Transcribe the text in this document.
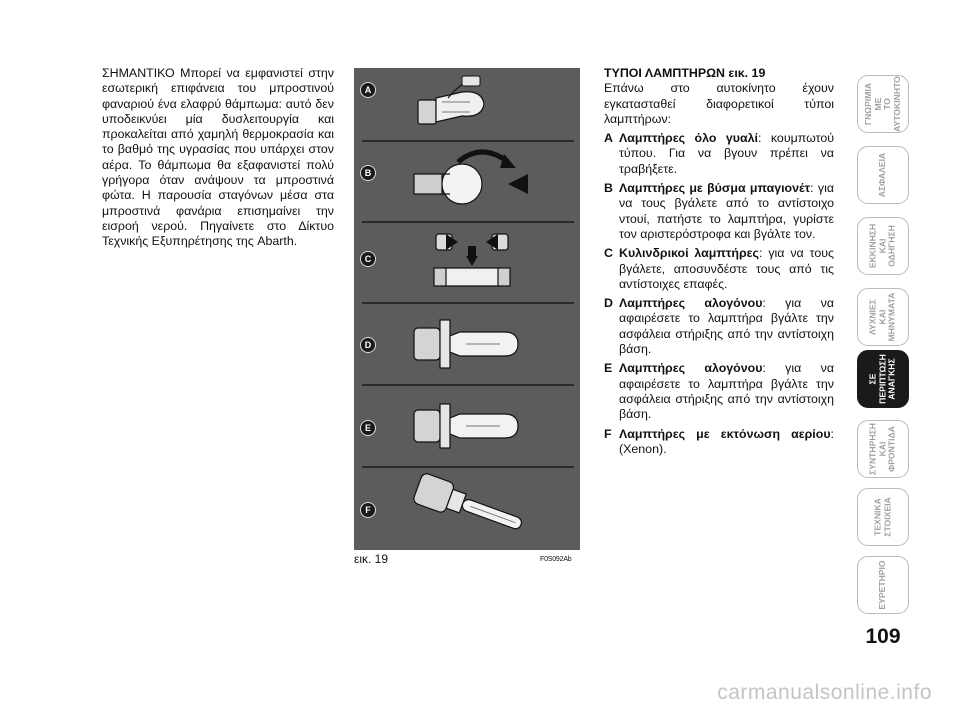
ΣΗΜΑΝΤΙΚΟ Μπορεί να εμφανιστεί στην εσωτερική επιφάνεια του μπροστινού φαναριού ένα ελαφρύ θάμπωμα: αυτό δεν υποδεικνύει μία δυσλειτουργία και προκαλείται από χαμηλή θερμοκρασία και το βαθμό της υγρασίας που υπάρχει στον αέρα. Το θάμπωμα θα εξαφανιστεί πολύ γρήγορα όταν ανάψουν τα μπροστινά φώτα. Η παρουσία σταγόνων μέσα στα μπροστινά φανάρια επισημαίνει την εισροή νερού. Πηγαίνετε στο Δίκτυο Τεχνικής Εξυπηρέτησης της Abarth.
A
B
C
D
E
F
εικ. 19	F0S092Ab
ΤΥΠΟΙ ΛΑΜΠΤΗΡΩΝ εικ. 19
Επάνω στο αυτοκίνητο έχουν εγκατασταθεί διαφορετικοί τύποι λαμπτήρων:
A Λαμπτήρες όλο γυαλί: κουμπωτού τύπου. Για να βγουν πρέπει να τραβήξετε.
B Λαμπτήρες με βύσμα μπαγιονέτ: για να τους βγάλετε από το αντίστοιχο ντουί, πατήστε το λαμπτήρα, γυρίστε τον αριστερόστροφα και βγάλτε τον.
C Κυλινδρικοί λαμπτήρες: για να τους βγάλετε, αποσυνδέστε τους από τις αντίστοιχες επαφές.
D Λαμπτήρες αλογόνου: για να αφαιρέσετε το λαμπτήρα βγάλτε την ασφάλεια στήριξης από την αντίστοιχη βάση.
E Λαμπτήρες αλογόνου: για να αφαιρέσετε το λαμπτήρα βγάλτε την ασφάλεια στήριξης από την αντίστοιχη βάση.
F Λαμπτήρες με εκτόνωση αερίου: (Xenon).
ΓΝΩΡΙΜΙΑ ΜΕ
ΤΟ
ΑΥΤΟΚΙΝΗΤΟ
ΑΣΦΑΛΕΙΑ
ΕΚΚΙΝΗΣΗ
ΚΑΙ
ΟΔΗΓΗΣΗ
ΛΥΧΝΙΕΣ
ΚΑΙ
ΜΗΝΥΜΑΤΑ
ΣΕ
ΠΕΡΙΠΤΩΣΗ
ΑΝΑΓΚΗΣ
ΣΥΝΤΗΡΗΣΗ
ΚΑΙ
ΦΡΟΝΤΙΔΑ
ΤΕΧΝΙΚΑ
ΣΤΟΙΧΕΙΑ
ΕΥΡΕΤΗΡΙΟ
109
carmanualsonline.info
